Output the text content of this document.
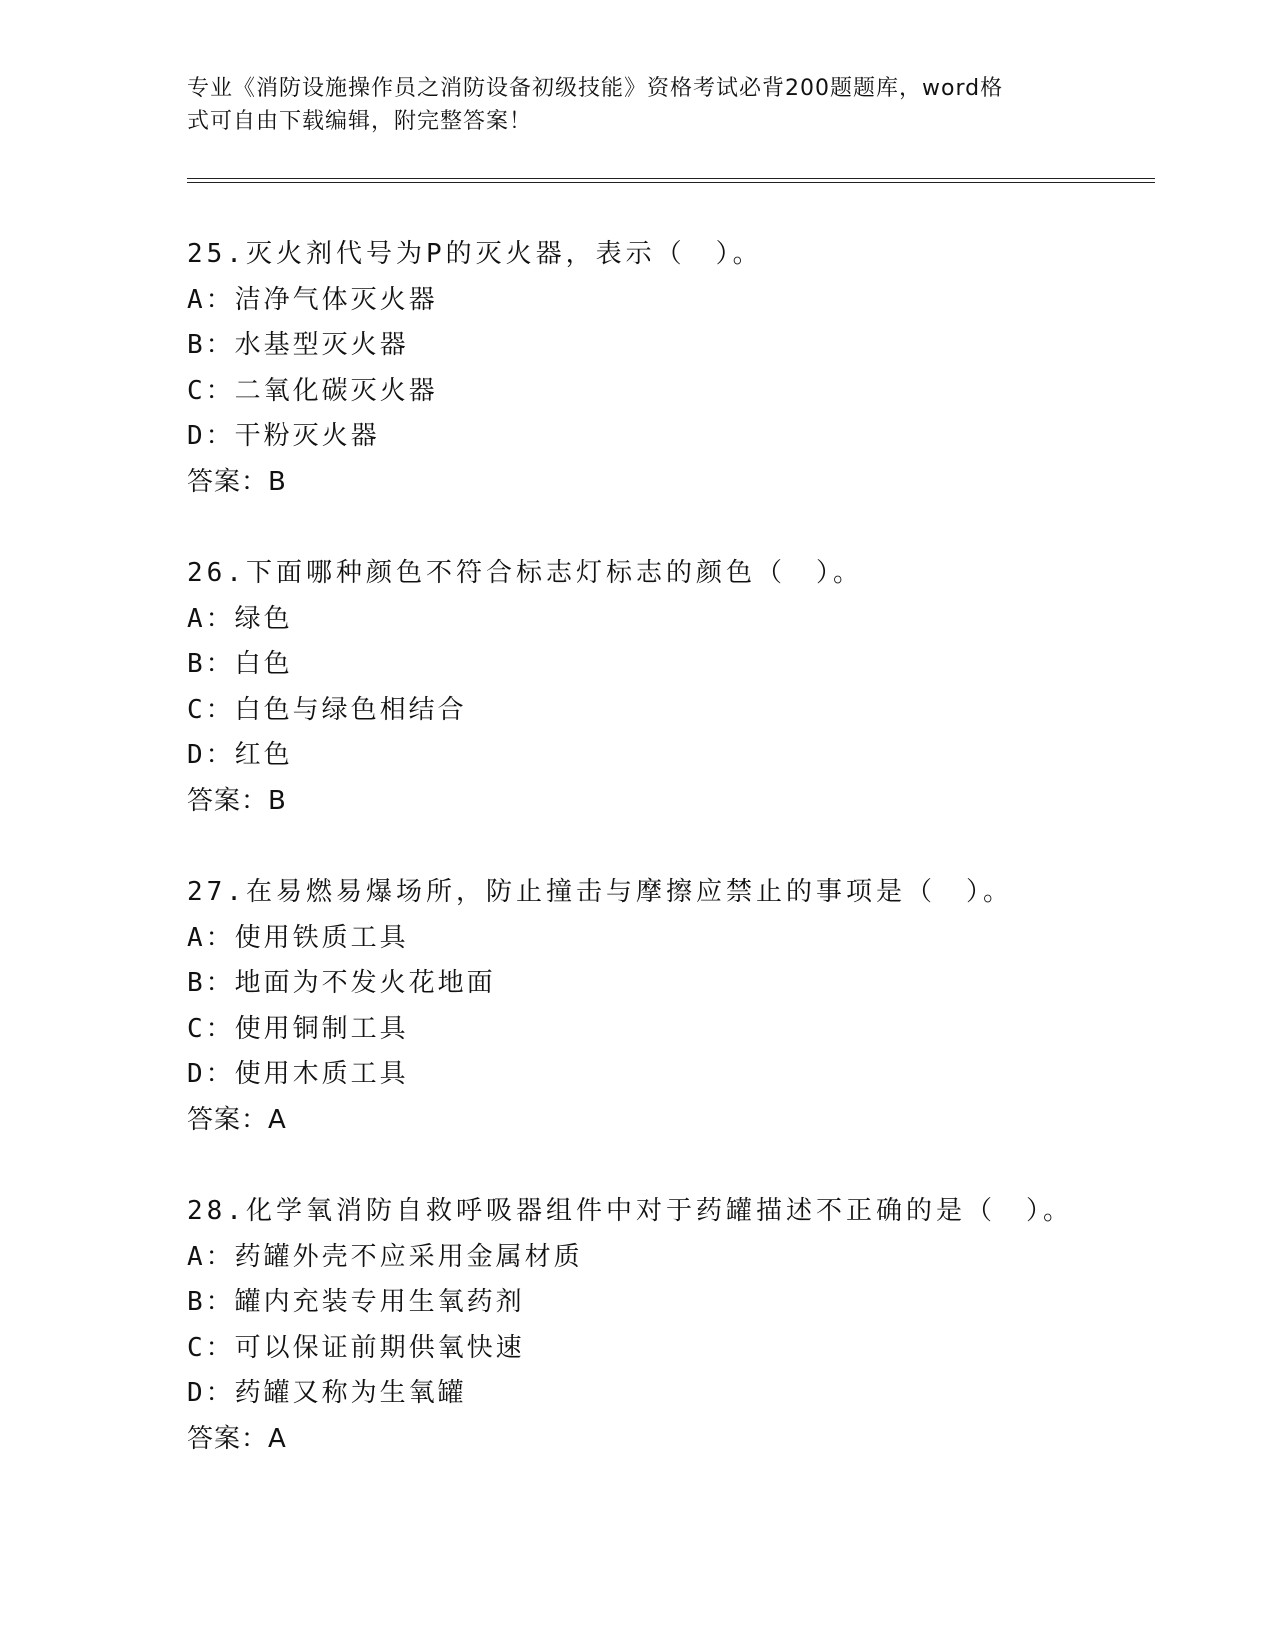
专业《消防设施操作员之消防设备初级技能》资格考试必背200题题库，word格
式可自由下载编辑，附完整答案！
25.灭火剂代号为P的灭火器，表示（　）。
A：洁净气体灭火器
B：水基型灭火器
C：二氧化碳灭火器
D：干粉灭火器
答案：B
26.下面哪种颜色不符合标志灯标志的颜色（　）。
A：绿色
B：白色
C：白色与绿色相结合
D：红色
答案：B
27.在易燃易爆场所，防止撞击与摩擦应禁止的事项是（　）。
A：使用铁质工具
B：地面为不发火花地面
C：使用铜制工具
D：使用木质工具
答案：A
28.化学氧消防自救呼吸器组件中对于药罐描述不正确的是（　）。
A：药罐外壳不应采用金属材质
B：罐内充装专用生氧药剂
C：可以保证前期供氧快速
D：药罐又称为生氧罐
答案：A
